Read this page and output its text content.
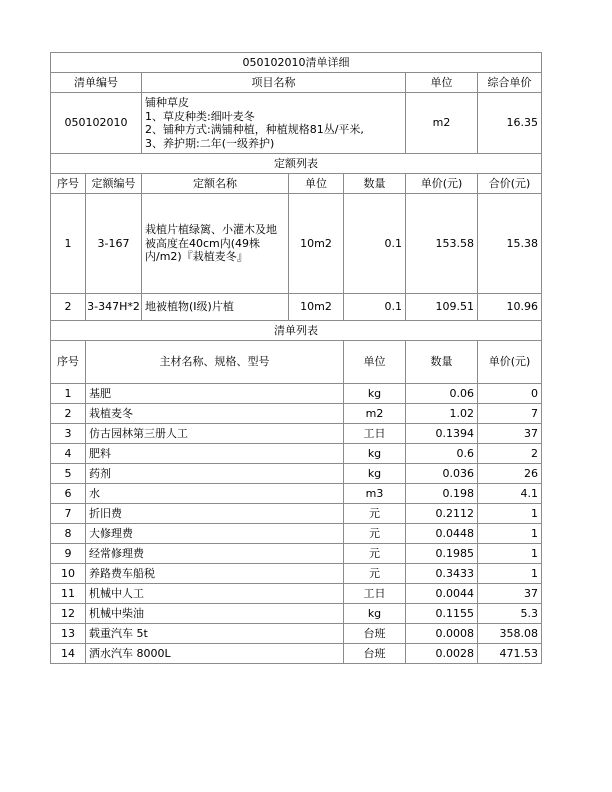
050102010清单详细							
清单编号		项目名称			单位	综合单价	
050102010		铺种草皮
1、草皮种类:细叶麦冬
2、铺种方式:满铺种植，种植规格81丛/平米,
3、养护期:二年(一级养护)			m2	16.35	
定额列表							
序号	定额编号	定额名称	单位	数量	单价(元)	合价(元)	
1	3-167	栽植片植绿篱、小灌木及地被高度在40cm内(49株内/m2)『栽植麦冬』	10m2	0.1	153.58	15.38	
2	3-347H*2	地被植物(I级)片植	10m2	0.1	109.51	10.96	
清单列表							
序号	主材名称、规格、型号			单位	数量	单价(元)	
1	基肥			kg	0.06	0	
2	栽植麦冬			m2	1.02	7	
3	仿古园林第三册人工			工日	0.1394	37	
4	肥料			kg	0.6	2	
5	药剂			kg	0.036	26	
6	水			m3	0.198	4.1	
7	折旧费			元	0.2112	1	
8	大修理费			元	0.0448	1	
9	经常修理费			元	0.1985	1	
10	养路费车船税			元	0.3433	1	
11	机械中人工			工日	0.0044	37	
12	机械中柴油			kg	0.1155	5.3	
13	载重汽车 5t			台班	0.0008	358.08	
14	洒水汽车 8000L			台班	0.0028	471.53	
